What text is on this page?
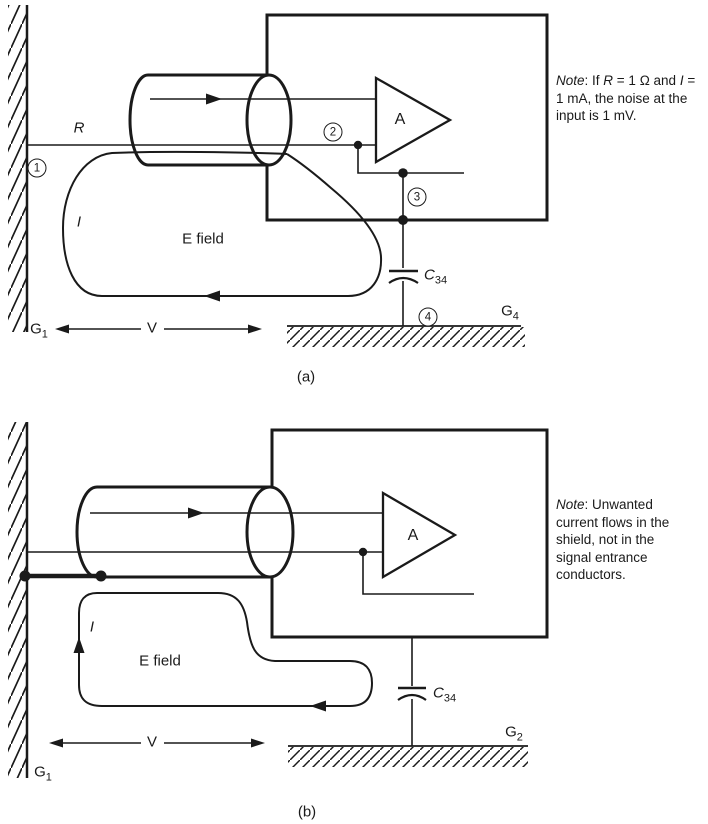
R
1
2
3
4
A
I
E field
$C_{34}$
$G_4$
$G_1$	V
Note: If R = 1 Ω and I = 1 mA, the noise at the input is 1 mV.
(a)
A
I
E field
$C_{34}$
$G_2$
$G_1$
V
Note: Unwanted current flows in the shield, not in the signal entrance conductors.
(b)
